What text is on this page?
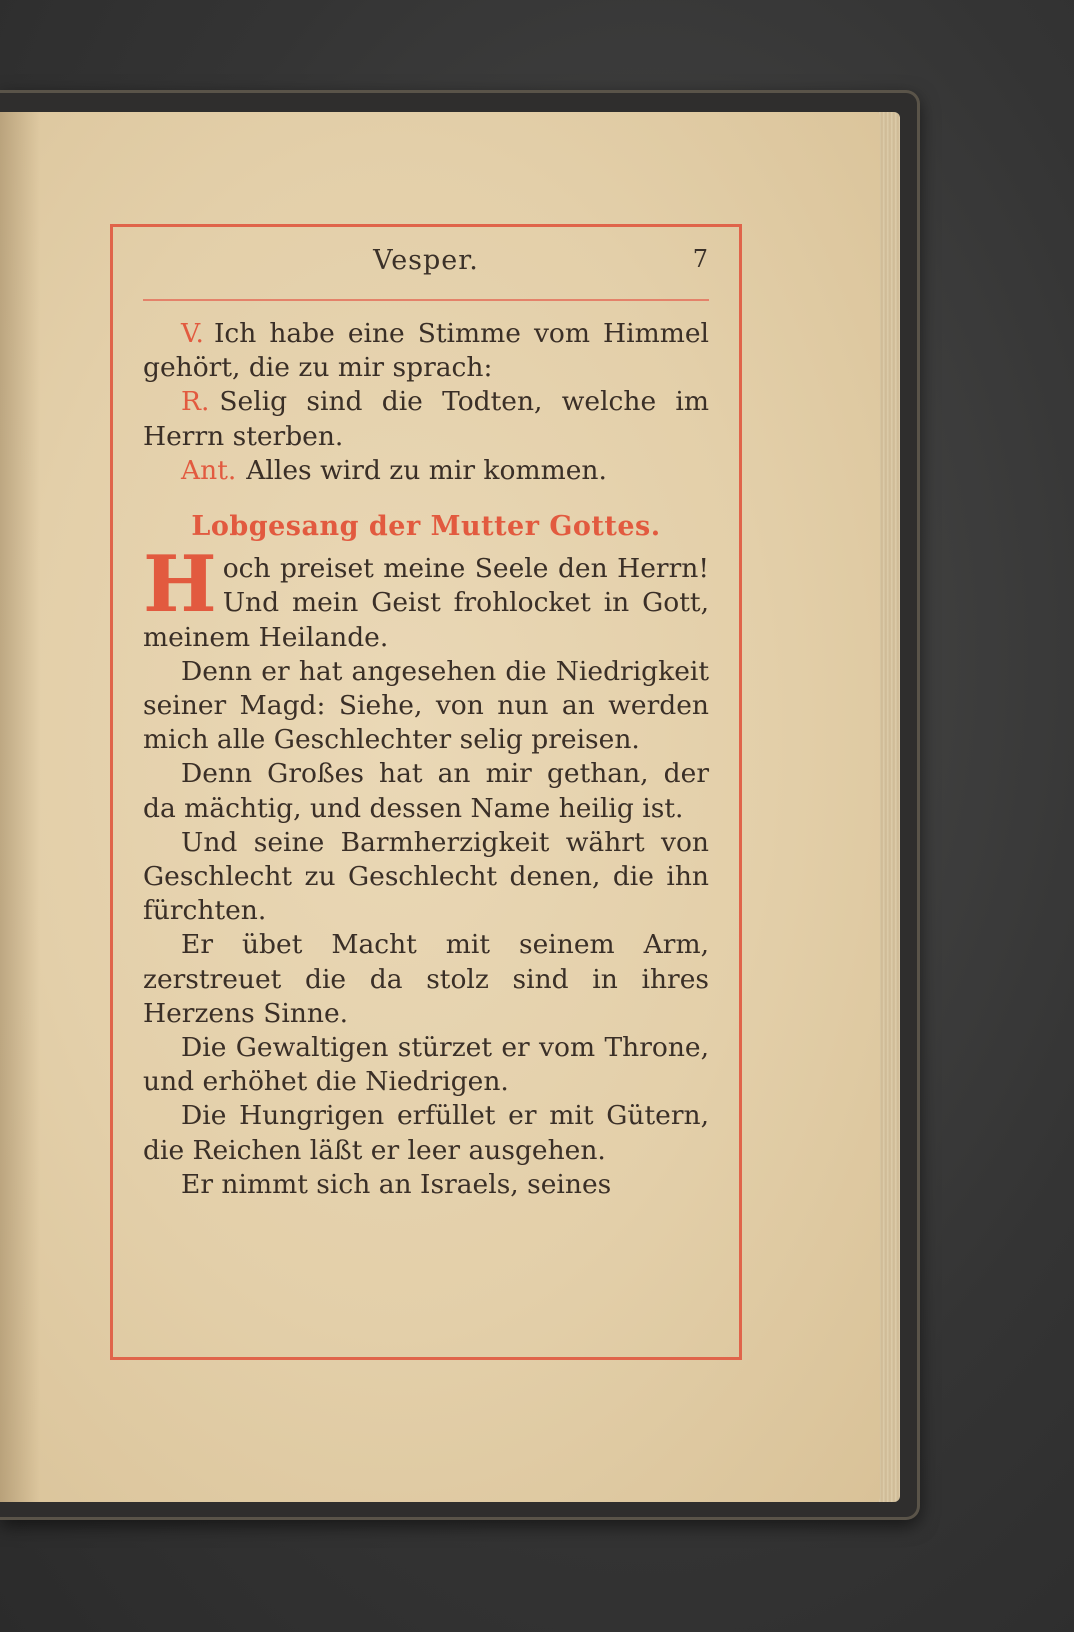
Vesper.	7

V. Ich habe eine Stimme vom Himmel gehört, die zu mir sprach:

R. Selig sind die Todten, welche im Herrn sterben.

Ant. Alles wird zu mir kommen.

Lobgesang der Mutter Gottes.

Hoch preiset meine Seele den Herrn! Und mein Geist frohlocket in Gott, meinem Heilande.

Denn er hat angesehen die Niedrigkeit seiner Magd: Siehe, von nun an werden mich alle Geschlechter selig preisen.

Denn Großes hat an mir gethan, der da mächtig, und dessen Name heilig ist.

Und seine Barmherzigkeit währt von Geschlecht zu Geschlecht denen, die ihn fürchten.

Er übet Macht mit seinem Arm, zerstreuet die da stolz sind in ihres Herzens Sinne.

Die Gewaltigen stürzet er vom Throne, und erhöhet die Niedrigen.

Die Hungrigen erfüllet er mit Gütern, die Reichen läßt er leer ausgehen.

Er nimmt sich an Israels, seines
